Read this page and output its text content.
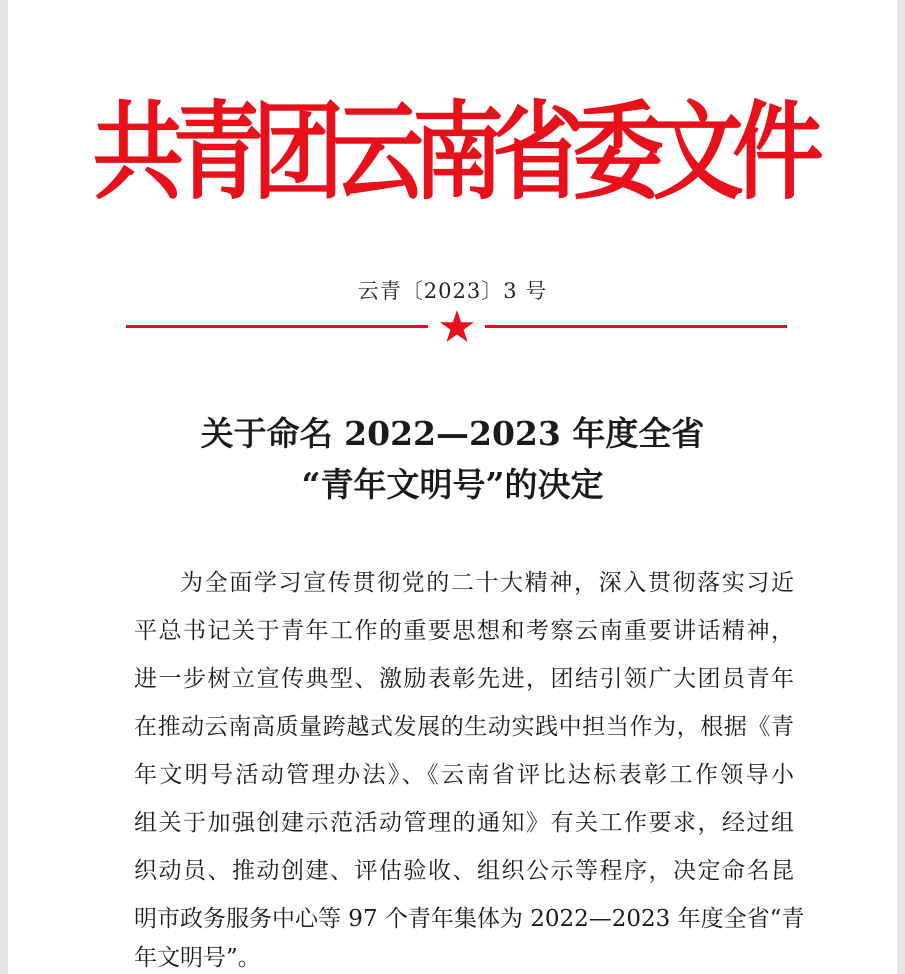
共青团云南省委文件
云青〔2023〕3 号
关于命名 2022—2023 年度全省
“青年文明号”的决定
为全面学习宣传贯彻党的二十大精神，深入贯彻落实习近
平总书记关于青年工作的重要思想和考察云南重要讲话精神，
进一步树立宣传典型、激励表彰先进，团结引领广大团员青年
在推动云南高质量跨越式发展的生动实践中担当作为，根据《青
年文明号活动管理办法》、《云南省评比达标表彰工作领导小
组关于加强创建示范活动管理的通知》有关工作要求，经过组
织动员、推动创建、评估验收、组织公示等程序，决定命名昆
明市政务服务中心等 97 个青年集体为 2022—2023 年度全省“青
年文明号”。
